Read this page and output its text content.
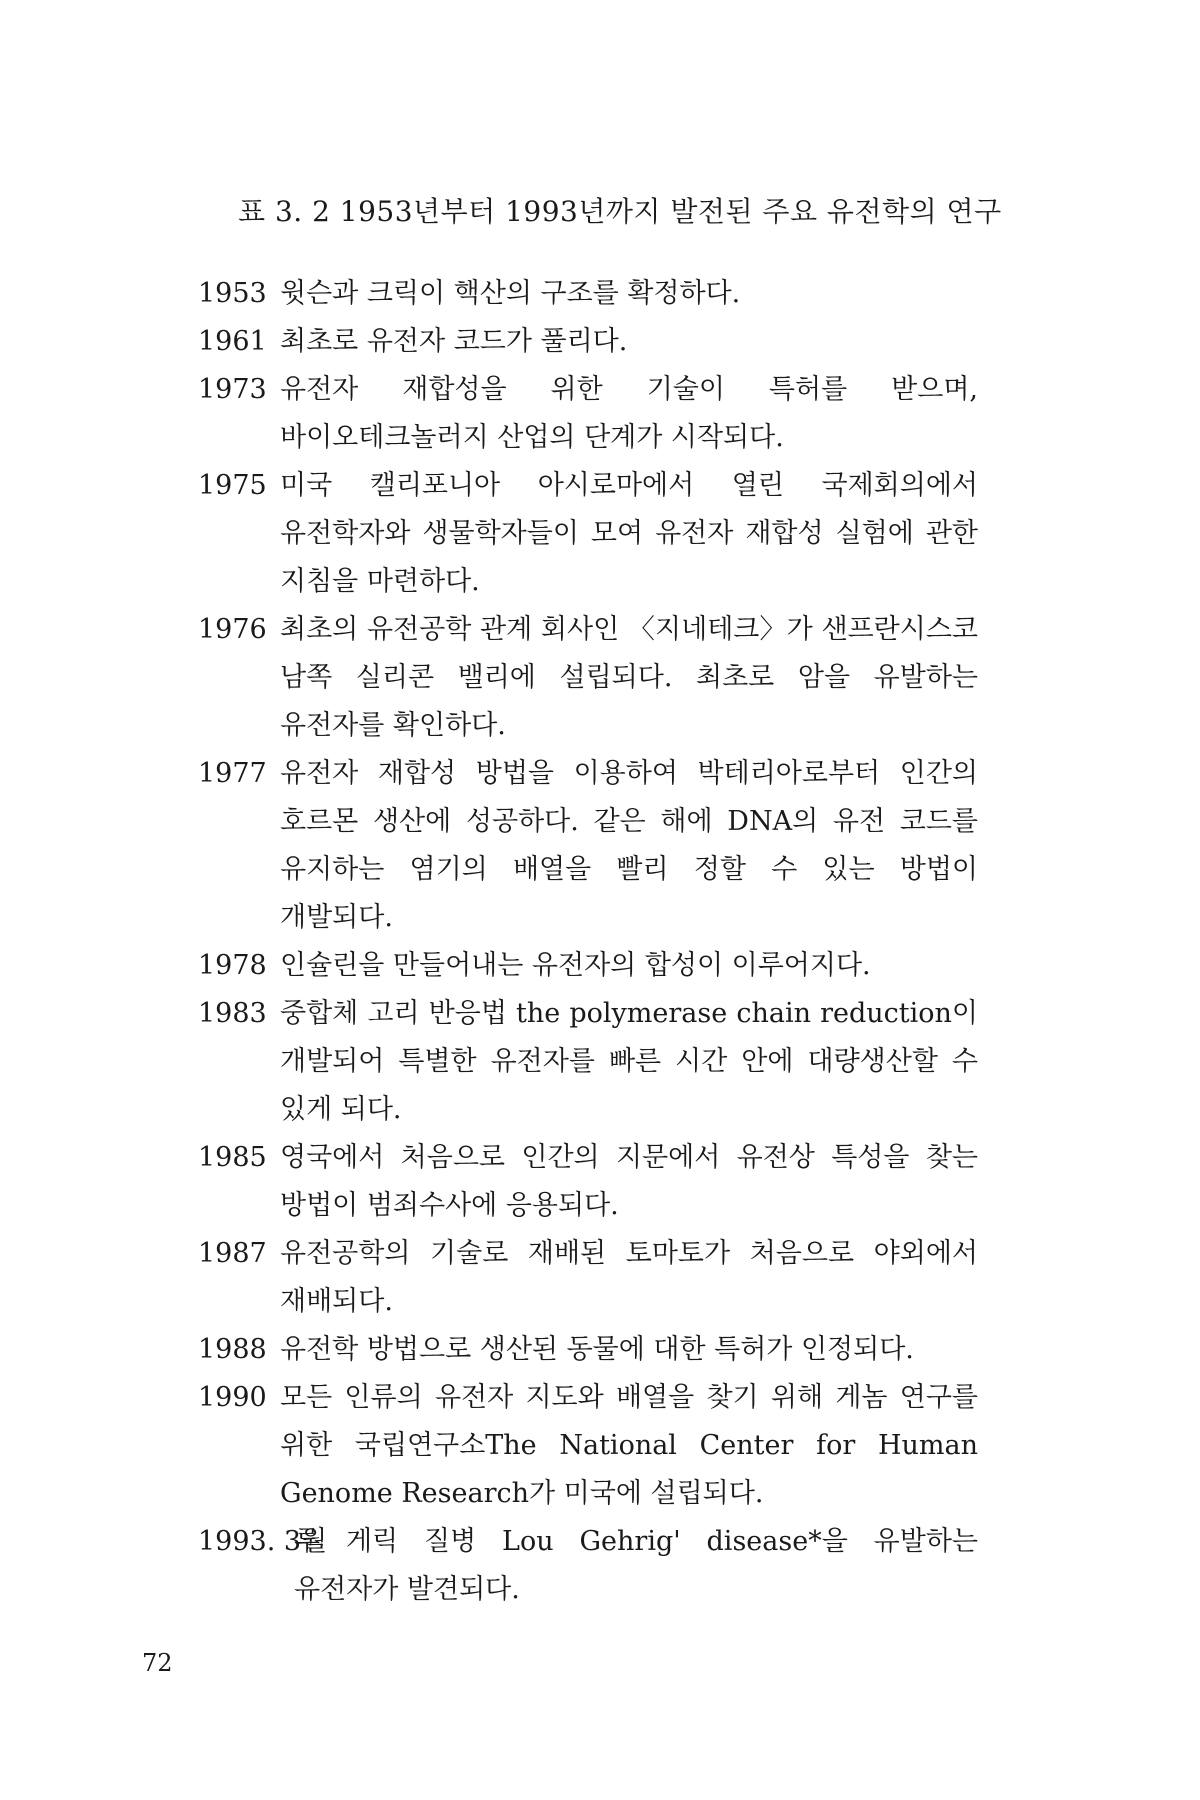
표 3. 2 1953년부터 1993년까지 발전된 주요 유전학의 연구
1953 윗슨과 크릭이 핵산의 구조를 확정하다.
1961 최초로 유전자 코드가 풀리다.
1973 유전자 재합성을 위한 기술이 특허를 받으며, 바이오테크놀러지 산업의 단계가 시작되다.
1975 미국 캘리포니아 아시로마에서 열린 국제회의에서 유전학자와 생물학자들이 모여 유전자 재합성 실험에 관한 지침을 마련하다.
1976 최초의 유전공학 관계 회사인 〈지네테크〉가 샌프란시스코 남쪽 실리콘 밸리에 설립되다. 최초로 암을 유발하는 유전자를 확인하다.
1977 유전자 재합성 방법을 이용하여 박테리아로부터 인간의 호르몬 생산에 성공하다. 같은 해에 DNA의 유전 코드를 유지하는 염기의 배열을 빨리 정할 수 있는 방법이 개발되다.
1978 인슐린을 만들어내는 유전자의 합성이 이루어지다.
1983 중합체 고리 반응법 the polymerase chain reduction이 개발되어 특별한 유전자를 빠른 시간 안에 대량생산할 수 있게 되다.
1985 영국에서 처음으로 인간의 지문에서 유전상 특성을 찾는 방법이 범죄수사에 응용되다.
1987 유전공학의 기술로 재배된 토마토가 처음으로 야외에서 재배되다.
1988 유전학 방법으로 생산된 동물에 대한 특허가 인정되다.
1990 모든 인류의 유전자 지도와 배열을 찾기 위해 게놈 연구를 위한 국립연구소The National Center for Human Genome Research가 미국에 설립되다.
1993. 3월
루 게릭 질병 Lou Gehrig' disease*을 유발하는 유전자가 발견되다.
72
